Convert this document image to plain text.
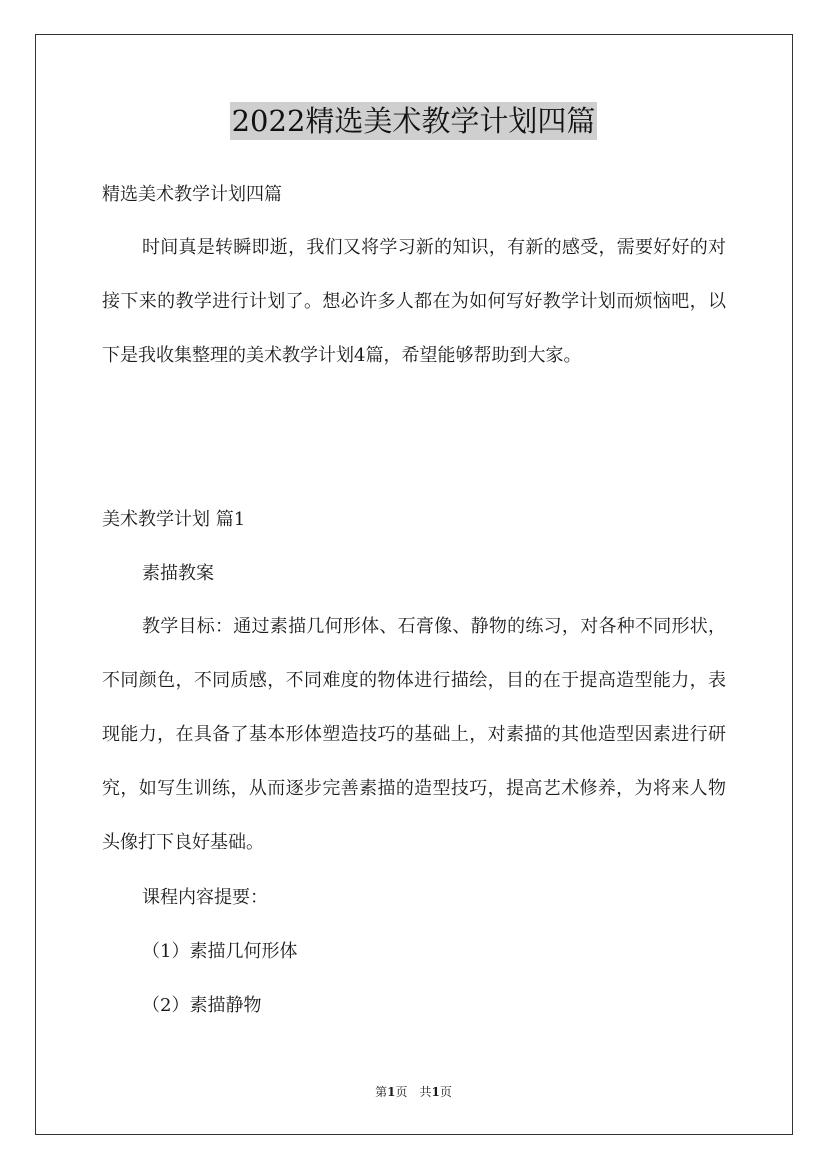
2022精选美术教学计划四篇
精选美术教学计划四篇
时间真是转瞬即逝，我们又将学习新的知识，有新的感受，需要好好的对接下来的教学进行计划了。想必许多人都在为如何写好教学计划而烦恼吧，以下是我收集整理的美术教学计划4篇，希望能够帮助到大家。
美术教学计划 篇1
素描教案
教学目标：通过素描几何形体、石膏像、静物的练习，对各种不同形状，不同颜色，不同质感，不同难度的物体进行描绘，目的在于提高造型能力，表现能力，在具备了基本形体塑造技巧的基础上，对素描的其他造型因素进行研究，如写生训练，从而逐步完善素描的造型技巧，提高艺术修养，为将来人物头像打下良好基础。
课程内容提要：
（1）素描几何形体
（2）素描静物
第1页　共1页
